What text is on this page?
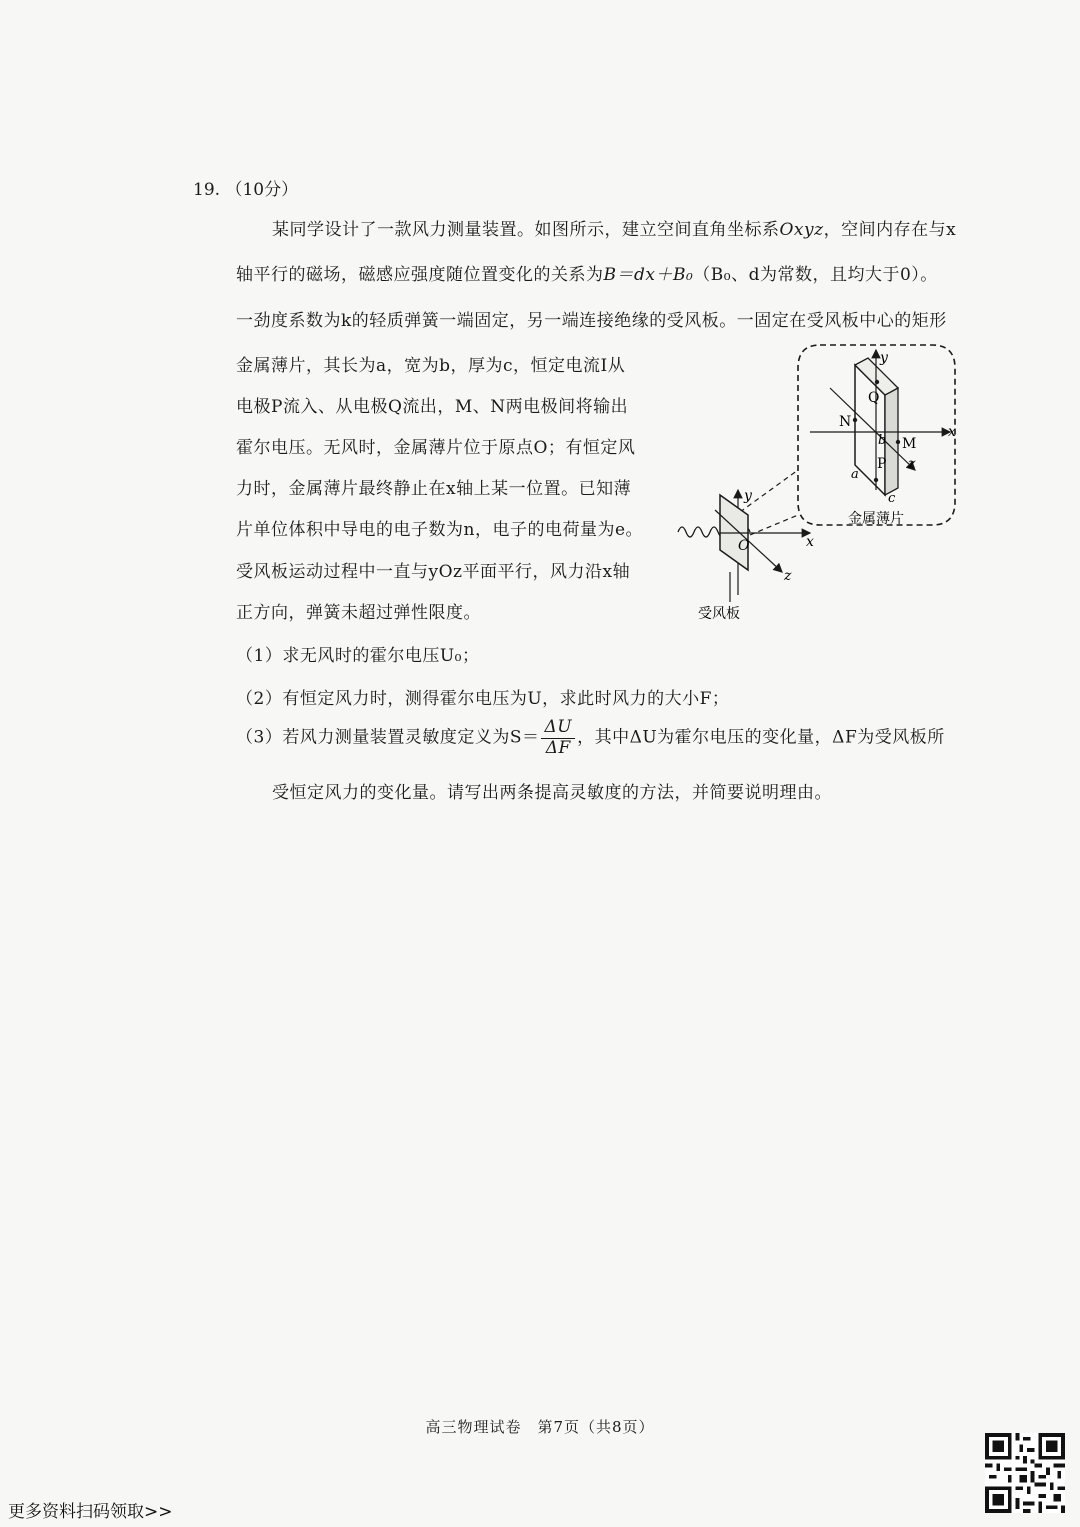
19. （10分）
某同学设计了一款风力测量装置。如图所示，建立空间直角坐标系Oxyz，空间内存在与x
轴平行的磁场，磁感应强度随位置变化的关系为B＝dx＋B₀（B₀、d为常数，且均大于0）。
一劲度系数为k的轻质弹簧一端固定，另一端连接绝缘的受风板。一固定在受风板中心的矩形
金属薄片，其长为a，宽为b，厚为c，恒定电流I从
电极P流入、从电极Q流出，M、N两电极间将输出
霍尔电压。无风时，金属薄片位于原点O；有恒定风
力时，金属薄片最终静止在x轴上某一位置。已知薄
片单位体积中导电的电子数为n，电子的电荷量为e。
受风板运动过程中一直与yOz平面平行，风力沿x轴
正方向，弹簧未超过弹性限度。
（1）求无风时的霍尔电压U₀；
（2）有恒定风力时，测得霍尔电压为U，求此时风力的大小F；
（3）若风力测量装置灵敏度定义为$S= \frac{\Delta U}{\Delta F}$ ，其中ΔU为霍尔电压的变化量，ΔF为受风板所
受恒定风力的变化量。请写出两条提高灵敏度的方法，并简要说明理由。
y
x
z
N
Q
M
P
a
b
c
金属薄片
y
x
z
O
受风板
高三物理试卷　第7页（共8页）
更多资料扫码领取>>
